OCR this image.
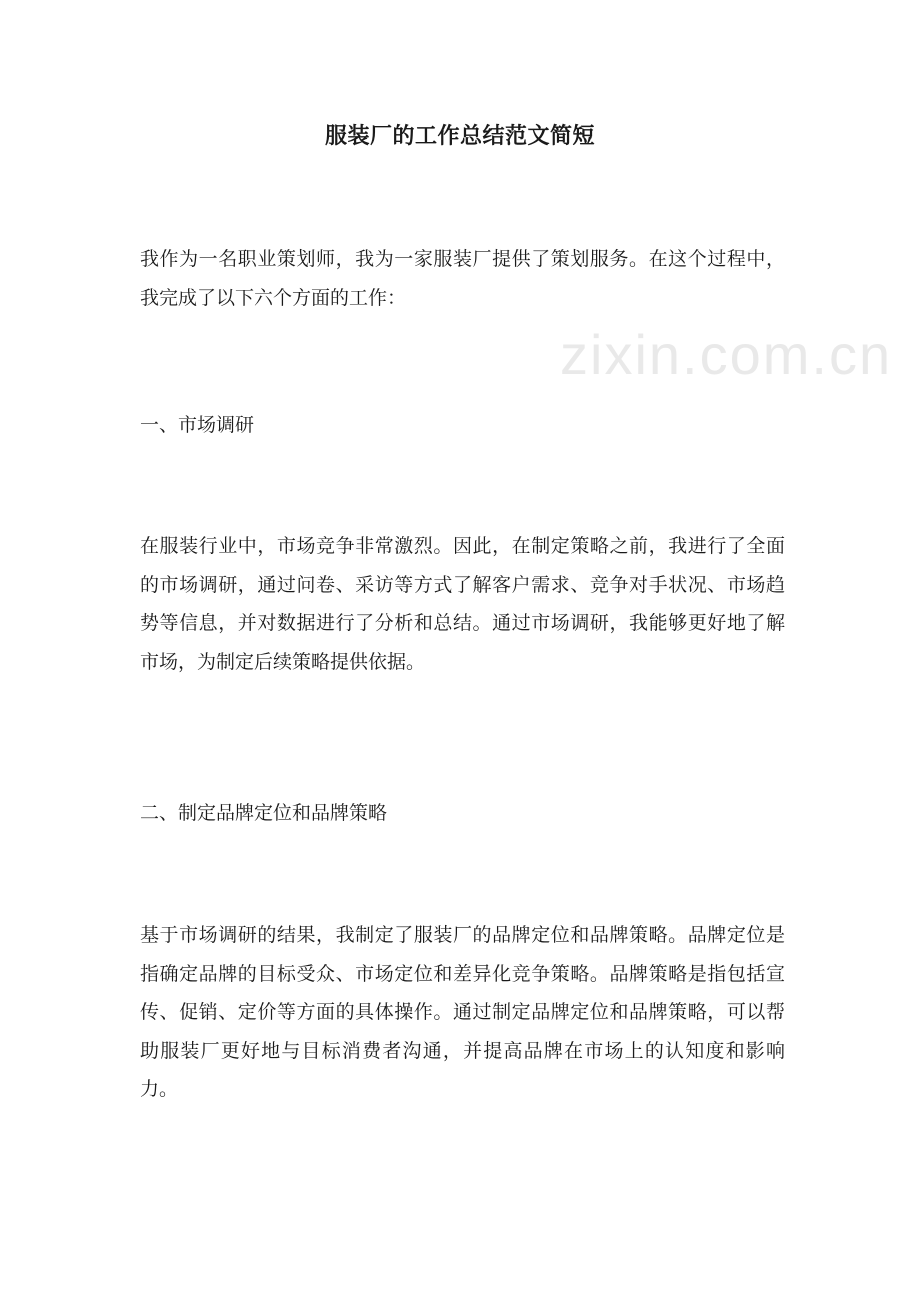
zixin.com.cn
服装厂的工作总结范文简短
我作为一名职业策划师，我为一家服装厂提供了策划服务。在这个过程中，我完成了以下六个方面的工作：
一、市场调研
在服装行业中，市场竞争非常激烈。因此，在制定策略之前，我进行了全面的市场调研，通过问卷、采访等方式了解客户需求、竞争对手状况、市场趋势等信息，并对数据进行了分析和总结。通过市场调研，我能够更好地了解市场，为制定后续策略提供依据。
二、制定品牌定位和品牌策略
基于市场调研的结果，我制定了服装厂的品牌定位和品牌策略。品牌定位是指确定品牌的目标受众、市场定位和差异化竞争策略。品牌策略是指包括宣传、促销、定价等方面的具体操作。通过制定品牌定位和品牌策略，可以帮助服装厂更好地与目标消费者沟通，并提高品牌在市场上的认知度和影响力。
